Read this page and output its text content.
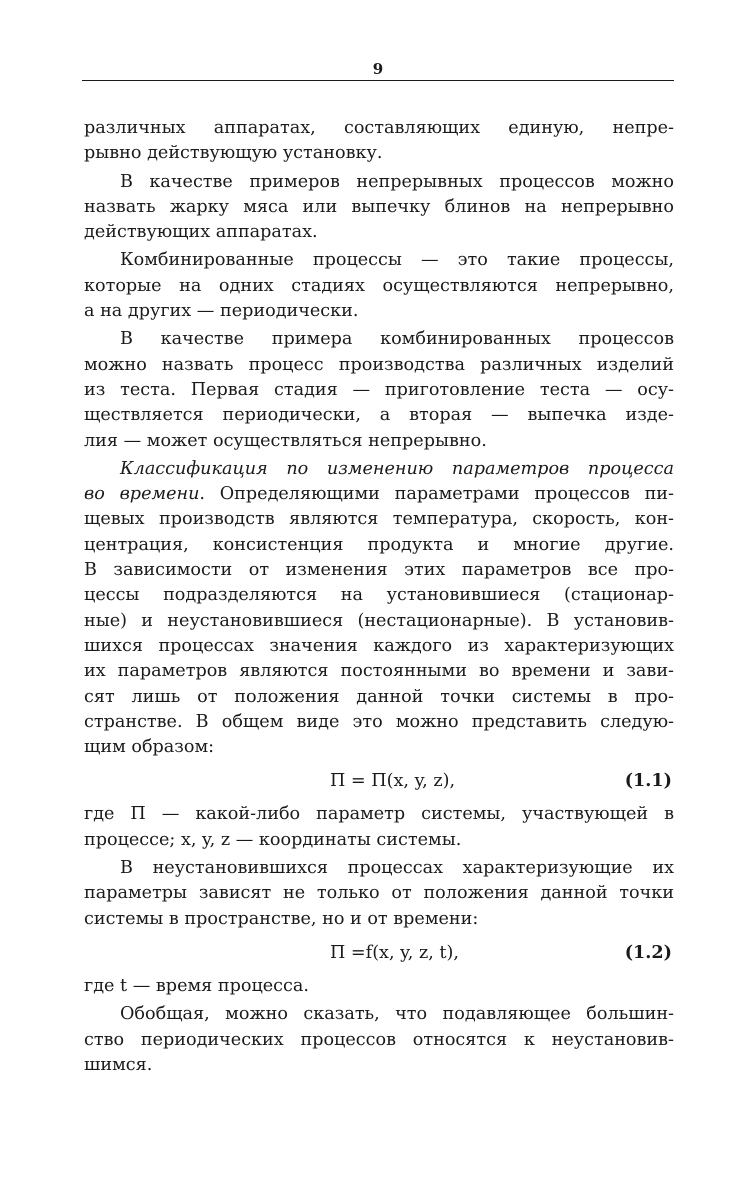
9

различных аппаратах, составляющих единую, непре-
рывно действующую установку.

В качестве примеров непрерывных процессов можно
назвать жарку мяса или выпечку блинов на непрерывно
действующих аппаратах.

Комбинированные процессы — это такие процессы,
которые на одних стадиях осуществляются непрерывно,
а на других — периодически.

В качестве примера комбинированных процессов
можно назвать процесс производства различных изделий
из теста. Первая стадия — приготовление теста — осу-
ществляется периодически, а вторая — выпечка изде-
лия — может осуществляться непрерывно.

Классификация по изменению параметров процесса
во времени. Определяющими параметрами процессов пи-
щевых производств являются температура, скорость, кон-
центрация, консистенция продукта и многие другие.
В зависимости от изменения этих параметров все про-
цессы подразделяются на установившиеся (стационар-
ные) и неустановившиеся (нестационарные). В установив-
шихся процессах значения каждого из характеризующих
их параметров являются постоянными во времени и зави-
сят лишь от положения данной точки системы в про-
странстве. В общем виде это можно представить следую-
щим образом:

П = П(x, y, z),	(1.1)

где П — какой-либо параметр системы, участвующей в
процессе; x, y, z — координаты системы.

В неустановившихся процессах характеризующие их
параметры зависят не только от положения данной точки
системы в пространстве, но и от времени:

П =f(x, y, z, t),	(1.2)

где t — время процесса.

Обобщая, можно сказать, что подавляющее большин-
ство периодических процессов относятся к неустановив-
шимся.
